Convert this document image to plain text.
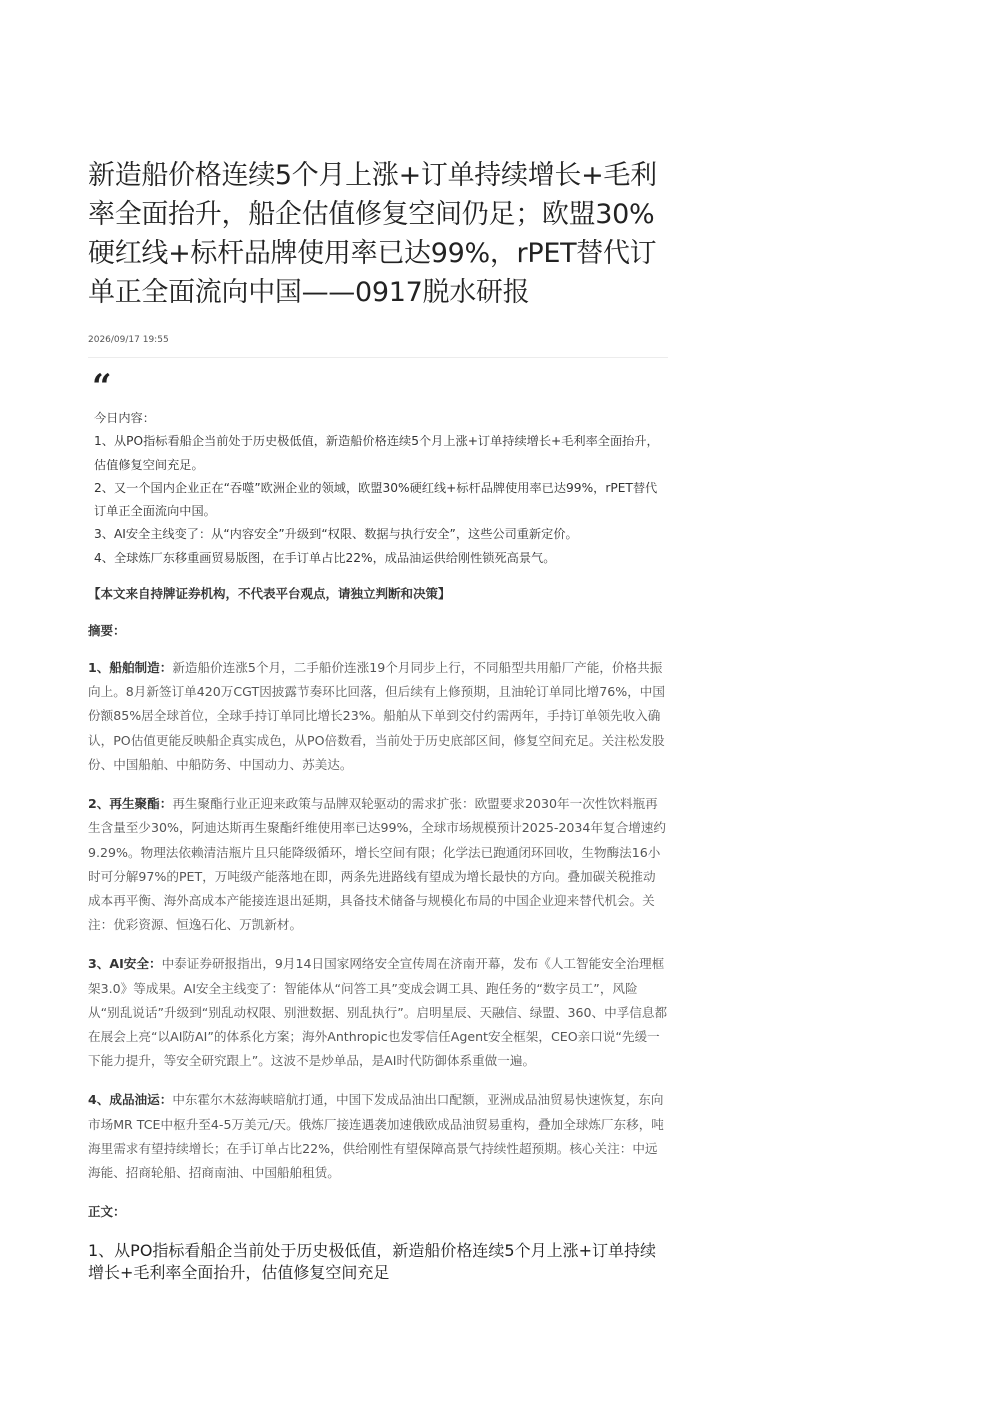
新造船价格连续5个月上涨+订单持续增长+毛利率全面抬升，船企估值修复空间仍足；欧盟30%硬红线+标杆品牌使用率已达99%，rPET替代订单正全面流向中国——0917脱水研报
2026/09/17 19:55
“
今日内容：
1、从PO指标看船企当前处于历史极低值，新造船价格连续5个月上涨+订单持续增长+毛利率全面抬升，估值修复空间充足。
2、又一个国内企业正在“吞噬”欧洲企业的领域，欧盟30%硬红线+标杆品牌使用率已达99%，rPET替代订单正全面流向中国。
3、AI安全主线变了：从“内容安全”升级到“权限、数据与执行安全”，这些公司重新定价。
4、全球炼厂东移重画贸易版图，在手订单占比22%，成品油运供给刚性锁死高景气。
【本文来自持牌证券机构，不代表平台观点，请独立判断和决策】
摘要：
1、船舶制造：新造船价连涨5个月，二手船价连涨19个月同步上行，不同船型共用船厂产能，价格共振向上。8月新签订单420万CGT因披露节奏环比回落，但后续有上修预期，且油轮订单同比增76%，中国份额85%居全球首位，全球手持订单同比增长23%。船舶从下单到交付约需两年，手持订单领先收入确认，PO估值更能反映船企真实成色，从PO倍数看，当前处于历史底部区间，修复空间充足。关注松发股份、中国船舶、中船防务、中国动力、苏美达。
2、再生聚酯：再生聚酯行业正迎来政策与品牌双轮驱动的需求扩张：欧盟要求2030年一次性饮料瓶再生含量至少30%，阿迪达斯再生聚酯纤维使用率已达99%，全球市场规模预计2025-2034年复合增速约9.29%。物理法依赖清洁瓶片且只能降级循环，增长空间有限；化学法已跑通闭环回收，生物酶法16小时可分解97%的PET，万吨级产能落地在即，两条先进路线有望成为增长最快的方向。叠加碳关税推动成本再平衡、海外高成本产能接连退出延期，具备技术储备与规模化布局的中国企业迎来替代机会。关注：优彩资源、恒逸石化、万凯新材。
3、AI安全：中泰证券研报指出，9月14日国家网络安全宣传周在济南开幕，发布《人工智能安全治理框架3.0》等成果。AI安全主线变了：智能体从“问答工具”变成会调工具、跑任务的“数字员工”，风险从“别乱说话”升级到“别乱动权限、别泄数据、别乱执行”。启明星辰、天融信、绿盟、360、中孚信息都在展会上亮“以AI防AI”的体系化方案；海外Anthropic也发零信任Agent安全框架，CEO亲口说“先缓一下能力提升，等安全研究跟上”。这波不是炒单品，是AI时代防御体系重做一遍。
4、成品油运：中东霍尔木兹海峡暗航打通，中国下发成品油出口配额，亚洲成品油贸易快速恢复，东向市场MR TCE中枢升至4-5万美元/天。俄炼厂接连遇袭加速俄欧成品油贸易重构，叠加全球炼厂东移，吨海里需求有望持续增长；在手订单占比22%，供给刚性有望保障高景气持续性超预期。核心关注：中远海能、招商轮船、招商南油、中国船舶租赁。
正文：
1、从PO指标看船企当前处于历史极低值，新造船价格连续5个月上涨+订单持续增长+毛利率全面抬升，估值修复空间充足
